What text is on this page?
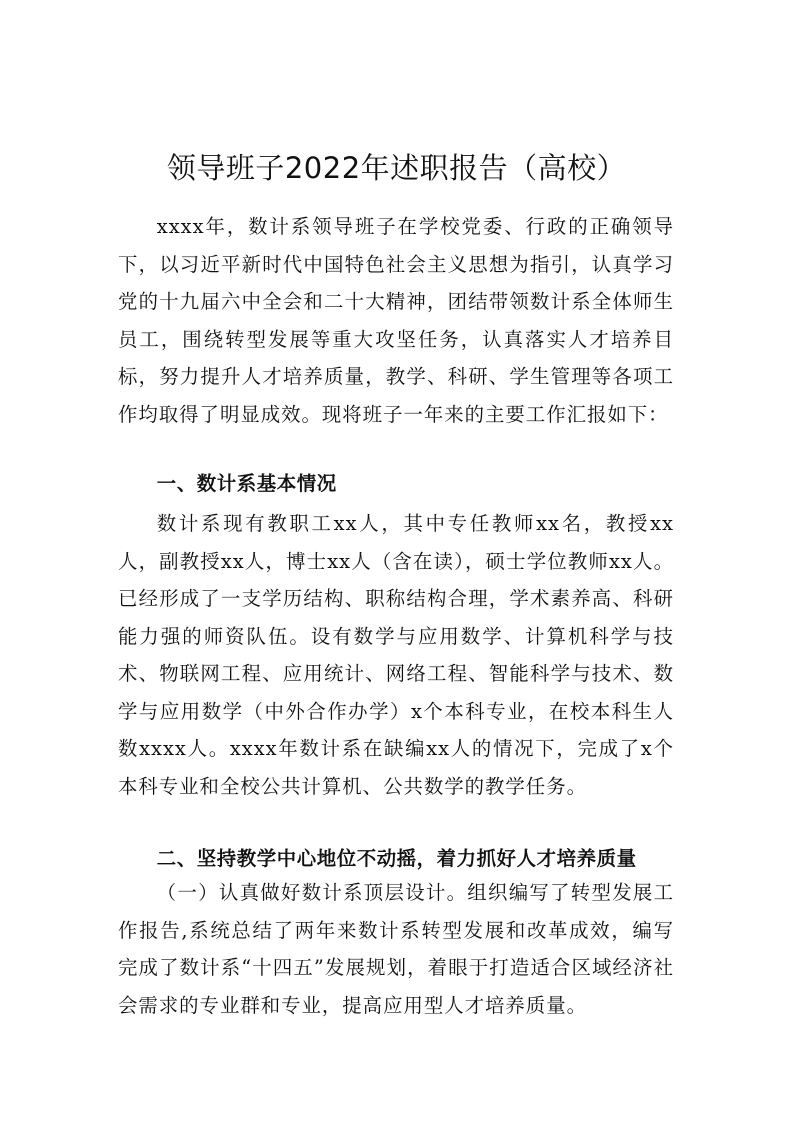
领导班子2022年述职报告（高校）

xxxx年，数计系领导班子在学校党委、行政的正确领导下，以习近平新时代中国特色社会主义思想为指引，认真学习党的十九届六中全会和二十大精神，团结带领数计系全体师生员工，围绕转型发展等重大攻坚任务，认真落实人才培养目标，努力提升人才培养质量，教学、科研、学生管理等各项工作均取得了明显成效。现将班子一年来的主要工作汇报如下：

一、数计系基本情况

数计系现有教职工xx人，其中专任教师xx名，教授xx人，副教授xx人，博士xx人（含在读），硕士学位教师xx人。已经形成了一支学历结构、职称结构合理，学术素养高、科研能力强的师资队伍。设有数学与应用数学、计算机科学与技术、物联网工程、应用统计、网络工程、智能科学与技术、数学与应用数学（中外合作办学）x个本科专业，在校本科生人数xxxx人。xxxx年数计系在缺编xx人的情况下，完成了x个本科专业和全校公共计算机、公共数学的教学任务。

二、坚持教学中心地位不动摇，着力抓好人才培养质量

（一）认真做好数计系顶层设计。组织编写了转型发展工作报告,系统总结了两年来数计系转型发展和改革成效，编写完成了数计系“十四五”发展规划，着眼于打造适合区域经济社会需求的专业群和专业，提高应用型人才培养质量。
